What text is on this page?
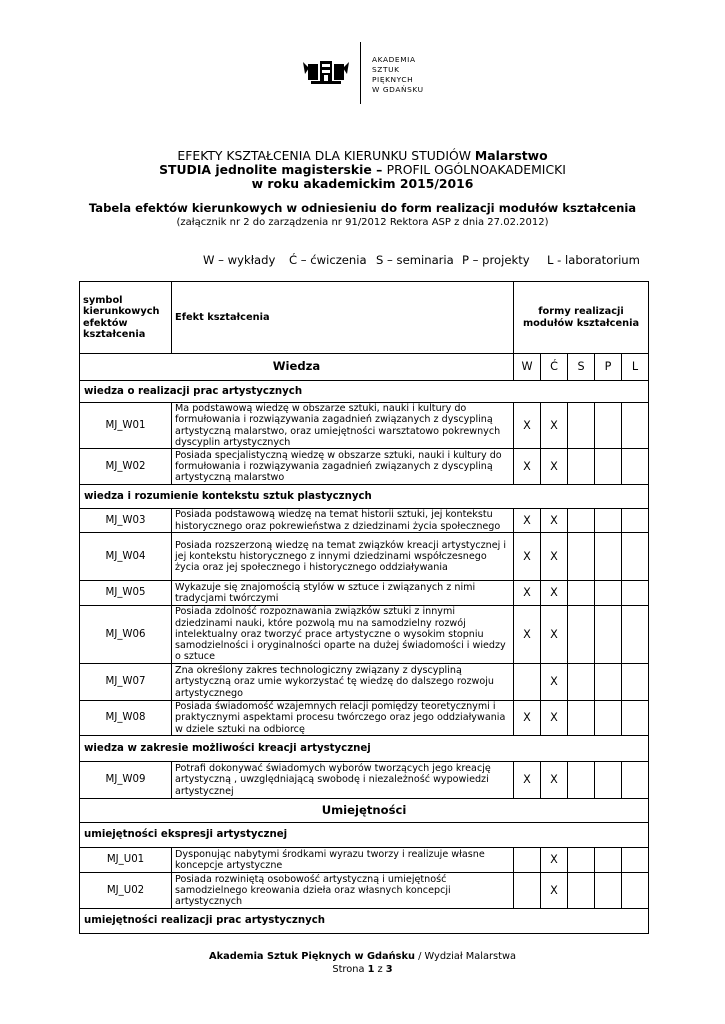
AKADEMIA
SZTUK
PIĘKNYCH
W GDAŃSKU
EFEKTY KSZTAŁCENIA DLA KIERUNKU STUDIÓW Malarstwo
STUDIA jednolite magisterskie – PROFIL OGÓLNOAKADEMICKI
w roku akademickim 2015/2016
Tabela efektów kierunkowych w odniesieniu do form realizacji modułów kształcenia
(załącznik nr 2 do zarządzenia nr 91/2012 Rektora ASP z dnia 27.02.2012)
W – wykłady Ć – ćwiczenia S – seminaria P – projekty L - laboratorium
symbol kierunkowych efektów kształcenia	Efekt kształcenia	formy realizacji modułów kształcenia				
Wiedza		W	Ć	S	P	L
wiedza o realizacji prac artystycznych						
MJ_W01	Ma podstawową wiedzę w obszarze sztuki, nauki i kultury do formułowania i rozwiązywania zagadnień związanych z dyscypliną artystyczną malarstwo, oraz umiejętności warsztatowo pokrewnych dyscyplin artystycznych	X	X			
MJ_W02	Posiada specjalistyczną wiedzę w obszarze sztuki, nauki i kultury do formułowania i rozwiązywania zagadnień związanych z dyscypliną artystyczną malarstwo	X	X			
wiedza i rozumienie kontekstu sztuk plastycznych						
MJ_W03	Posiada podstawową wiedzę na temat historii sztuki, jej kontekstu historycznego oraz pokrewieństwa z dziedzinami życia społecznego	X	X			
MJ_W04	Posiada rozszerzoną wiedzę na temat związków kreacji artystycznej i jej kontekstu historycznego z innymi dziedzinami współczesnego życia oraz jej społecznego i historycznego oddziaływania	X	X			
MJ_W05	Wykazuje się znajomością stylów w sztuce i związanych z nimi tradycjami twórczymi	X	X			
MJ_W06	Posiada zdolność rozpoznawania związków sztuki z innymi dziedzinami nauki, które pozwolą mu na samodzielny rozwój intelektualny oraz tworzyć prace artystyczne o wysokim stopniu samodzielności i oryginalności oparte na dużej świadomości i wiedzy o sztuce	X	X			
MJ_W07	Zna określony zakres technologiczny związany z dyscypliną artystyczną oraz umie wykorzystać tę wiedzę do dalszego rozwoju artystycznego		X			
MJ_W08	Posiada świadomość wzajemnych relacji pomiędzy teoretycznymi i praktycznymi aspektami procesu twórczego oraz jego oddziaływania w dziele sztuki na odbiorcę	X	X			
wiedza w zakresie możliwości kreacji artystycznej						
MJ_W09	Potrafi dokonywać świadomych wyborów tworzących jego kreację artystyczną , uwzględniającą swobodę i niezależność wypowiedzi artystycznej	X	X			
Umiejętności						
umiejętności ekspresji artystycznej						
MJ_U01	Dysponując nabytymi środkami wyrazu tworzy i realizuje własne koncepcje artystyczne		X			
MJ_U02	Posiada rozwiniętą osobowość artystyczną i umiejętność samodzielnego kreowania dzieła oraz własnych koncepcji artystycznych		X			
umiejętności realizacji prac artystycznych						
Akademia Sztuk Pięknych w Gdańsku / Wydział Malarstwa
Strona 1 z 3
